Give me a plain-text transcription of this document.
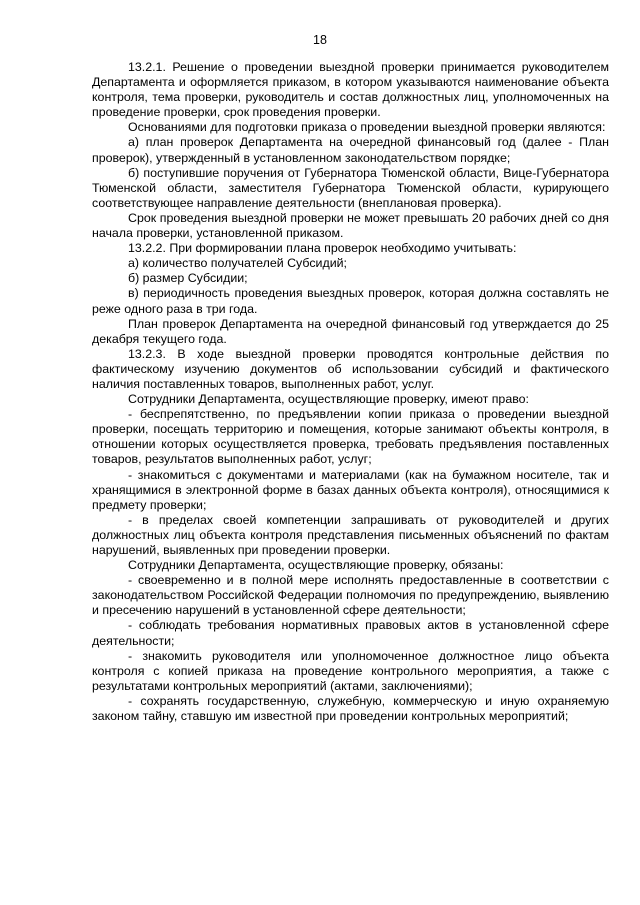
18

13.2.1. Решение о проведении выездной проверки принимается руководителем Департамента и оформляется приказом, в котором указываются наименование объекта контроля, тема проверки, руководитель и состав должностных лиц, уполномоченных на проведение проверки, срок проведения проверки.

Основаниями для подготовки приказа о проведении выездной проверки являются:

а) план проверок Департамента на очередной финансовый год (далее - План проверок), утвержденный в установленном законодательством порядке;

б) поступившие поручения от Губернатора Тюменской области, Вице-Губернатора Тюменской области, заместителя Губернатора Тюменской области, курирующего соответствующее направление деятельности (внеплановая проверка).

Срок проведения выездной проверки не может превышать 20 рабочих дней со дня начала проверки, установленной приказом.

13.2.2. При формировании плана проверок необходимо учитывать:

а) количество получателей Субсидий;

б) размер Субсидии;

в) периодичность проведения выездных проверок, которая должна составлять не реже одного раза в три года.

План проверок Департамента на очередной финансовый год утверждается до 25 декабря текущего года.

13.2.3. В ходе выездной проверки проводятся контрольные действия по фактическому изучению документов об использовании субсидий и фактического наличия поставленных товаров, выполненных работ, услуг.

Сотрудники Департамента, осуществляющие проверку, имеют право:

- беспрепятственно, по предъявлении копии приказа о проведении выездной проверки, посещать территорию и помещения, которые занимают объекты контроля, в отношении которых осуществляется проверка, требовать предъявления поставленных товаров, результатов выполненных работ, услуг;

- знакомиться с документами и материалами (как на бумажном носителе, так и хранящимися в электронной форме в базах данных объекта контроля), относящимися к предмету проверки;

- в пределах своей компетенции запрашивать от руководителей и других должностных лиц объекта контроля представления письменных объяснений по фактам нарушений, выявленных при проведении проверки.

Сотрудники Департамента, осуществляющие проверку, обязаны:

- своевременно и в полной мере исполнять предоставленные в соответствии с законодательством Российской Федерации полномочия по предупреждению, выявлению и пресечению нарушений в установленной сфере деятельности;

- соблюдать требования нормативных правовых актов в установленной сфере деятельности;

- знакомить руководителя или уполномоченное должностное лицо объекта контроля с копией приказа на проведение контрольного мероприятия, а также с результатами контрольных мероприятий (актами, заключениями);

- сохранять государственную, служебную, коммерческую и иную охраняемую законом тайну, ставшую им известной при проведении контрольных мероприятий;
